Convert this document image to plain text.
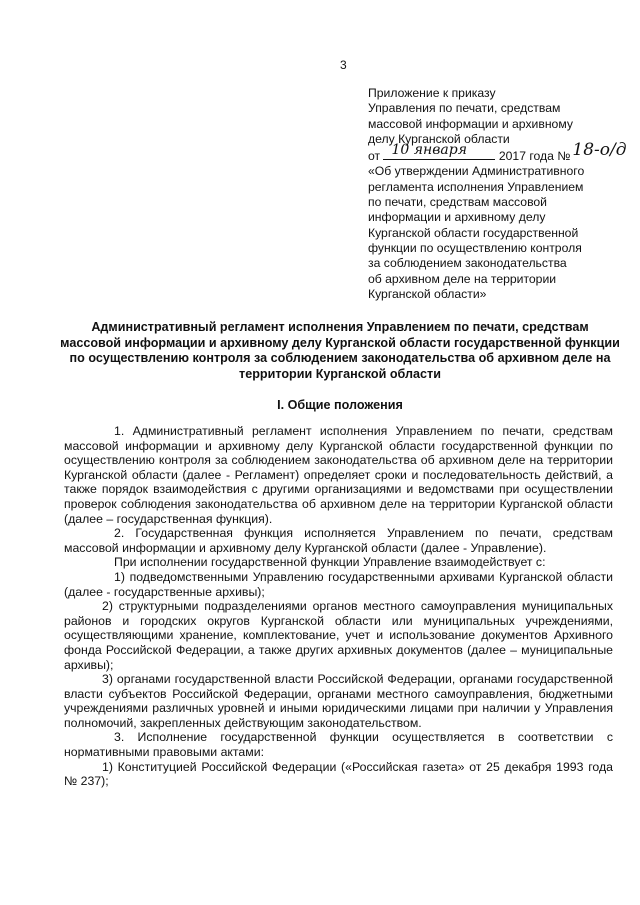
3
Приложение к приказу
Управления по печати, средствам
массовой информации и архивному
делу Курганской области
от 10 января	2017 года № 18-о/д
«Об утверждении Административного
регламента исполнения Управлением
по печати, средствам массовой
информации и архивному делу
Курганской области государственной
функции по осуществлению контроля
за соблюдением законодательства
об архивном деле на территории
Курганской области»
Административный регламент исполнения Управлением по печати, средствам массовой информации и архивному делу Курганской области государственной функции по осуществлению контроля за соблюдением законодательства об архивном деле на территории Курганской области
I. Общие положения

1. Административный регламент исполнения Управлением по печати, средствам массовой информации и архивному делу Курганской области государственной функции по осуществлению контроля за соблюдением законодательства об архивном деле на территории Курганской области (далее - Регламент) определяет сроки и последовательность действий, а также порядок взаимодействия с другими организациями и ведомствами при осуществлении проверок соблюдения законодательства об архивном деле на территории Курганской области (далее – государственная функция).

2. Государственная функция исполняется Управлением по печати, средствам массовой информации и архивному делу Курганской области (далее - Управление).

При исполнении государственной функции Управление взаимодействует с:

1) подведомственными Управлению государственными архивами Курганской области (далее - государственные архивы);

2) структурными подразделениями органов местного самоуправления муниципальных районов и городских округов Курганской области или муниципальных учреждениями, осуществляющими хранение, комплектование, учет и использование документов Архивного фонда Российской Федерации, а также других архивных документов (далее – муниципальные архивы);

3) органами государственной власти Российской Федерации, органами государственной власти субъектов Российской Федерации, органами местного самоуправления, бюджетными учреждениями различных уровней и иными юридическими лицами при наличии у Управления полномочий, закрепленных действующим законодательством.

3. Исполнение государственной функции осуществляется в соответствии с нормативными правовыми актами:

1) Конституцией Российской Федерации («Российская газета» от 25 декабря 1993 года № 237);
